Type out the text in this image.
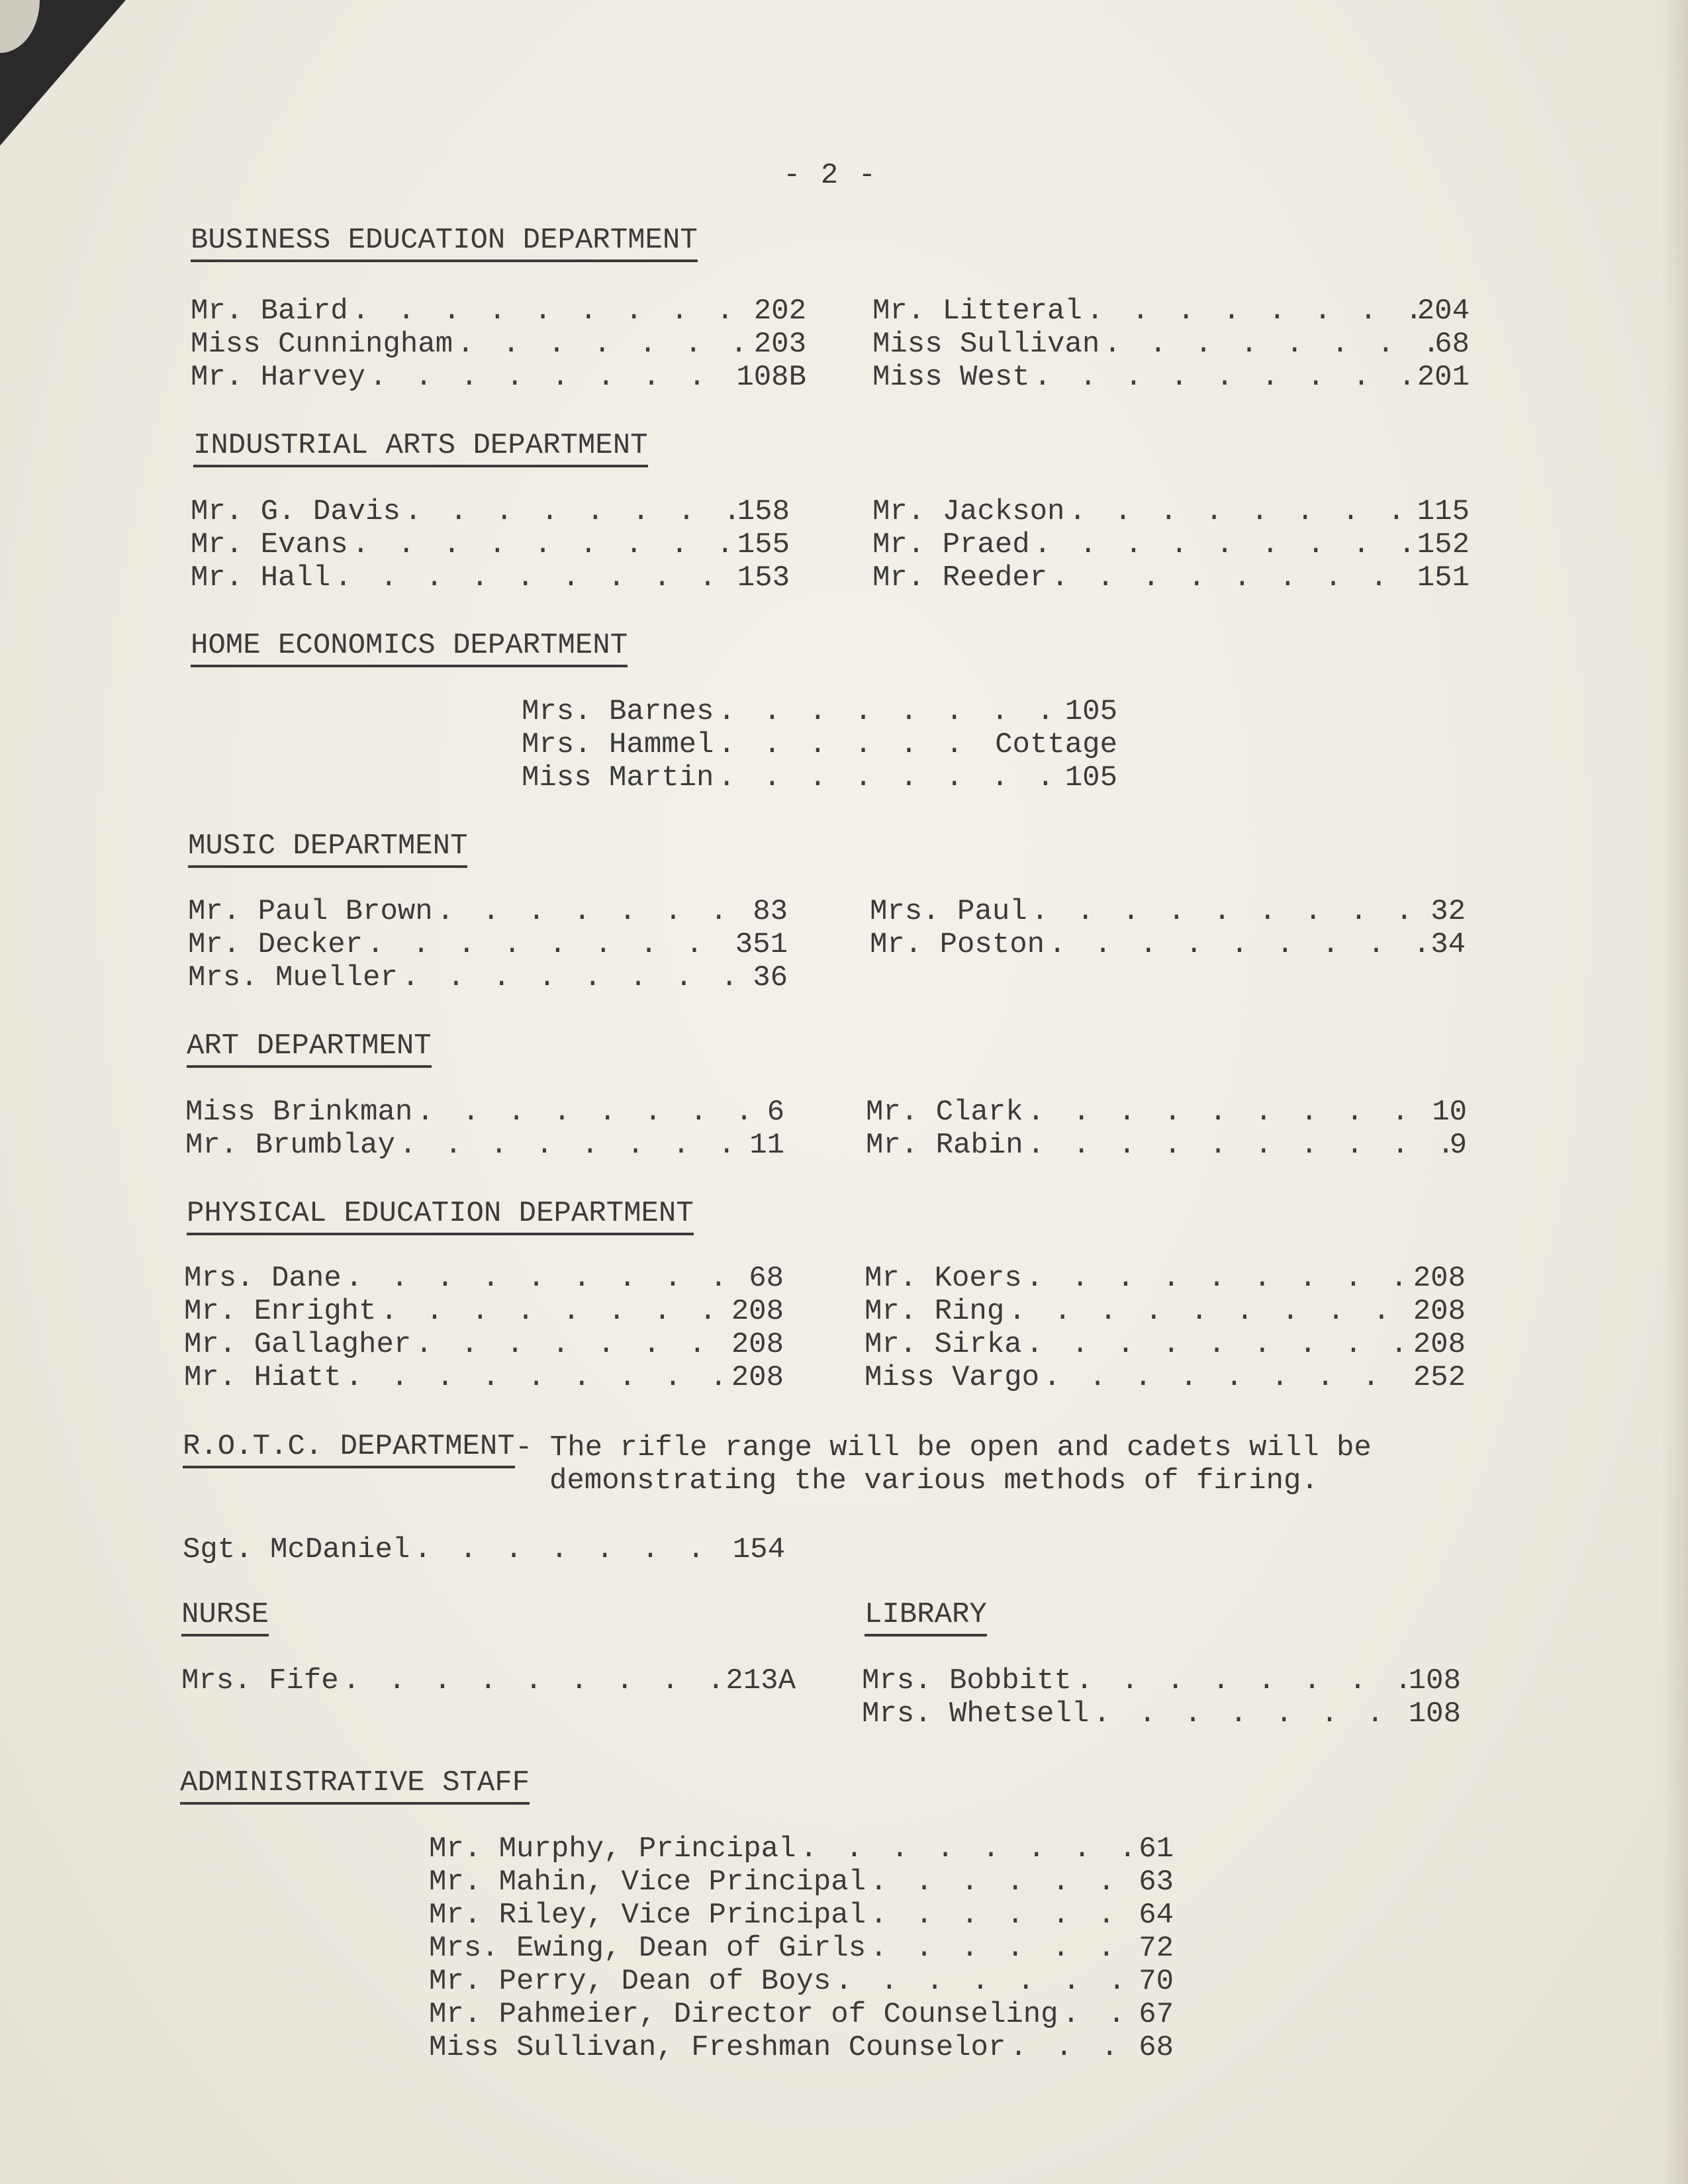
- 2 -
BUSINESS EDUCATION DEPARTMENT
Mr. Baird . . .	202
Miss Cunningham . . .	203
Mr. Harvey . . .	108B
Mr. Litteral . . .	204
Miss Sullivan . . .	68
Miss West . . .	201
INDUSTRIAL ARTS DEPARTMENT
Mr. G. Davis . . .	158
Mr. Evans . . .	155
Mr. Hall . . .	153
Mr. Jackson . . .	115
Mr. Praed . . .	152
Mr. Reeder . . .	151
HOME ECONOMICS DEPARTMENT
Mrs. Barnes . . .	105
Mrs. Hammel . . .	Cottage
Miss Martin . . .	105
MUSIC DEPARTMENT
Mr. Paul Brown . . .	83
Mr. Decker . . .	351
Mrs. Mueller . . .	36
Mrs. Paul . . .	32
Mr. Poston . . .	34
ART DEPARTMENT
Miss Brinkman . . .	6
Mr. Brumblay . . .	11
Mr. Clark . . .	10
Mr. Rabin . . .	9
PHYSICAL EDUCATION DEPARTMENT
Mrs. Dane . . .	68
Mr. Enright . . .	208
Mr. Gallagher . . .	208
Mr. Hiatt . . .	208
Mr. Koers . . .	208
Mr. Ring . . .	208
Mr. Sirka . . .	208
Miss Vargo . . .	252
R.O.T.C. DEPARTMENT - The rifle range will be open and cadets will be
demonstrating the various methods of firing.
Sgt. McDaniel . . .	154
NURSE	LIBRARY
Mrs. Fife . . .	213A Mrs. Bobbitt . . .	108
Mrs. Whetsell . . .	108
ADMINISTRATIVE STAFF
Mr. Murphy, Principal . . .	61
Mr. Mahin, Vice Principal . . .	63
Mr. Riley, Vice Principal . . .	64
Mrs. Ewing, Dean of Girls . . .	72
Mr. Perry, Dean of Boys . . .	70
Mr. Pahmeier, Director of Counseling . . .	67
Miss Sullivan, Freshman Counselor . . .	68
